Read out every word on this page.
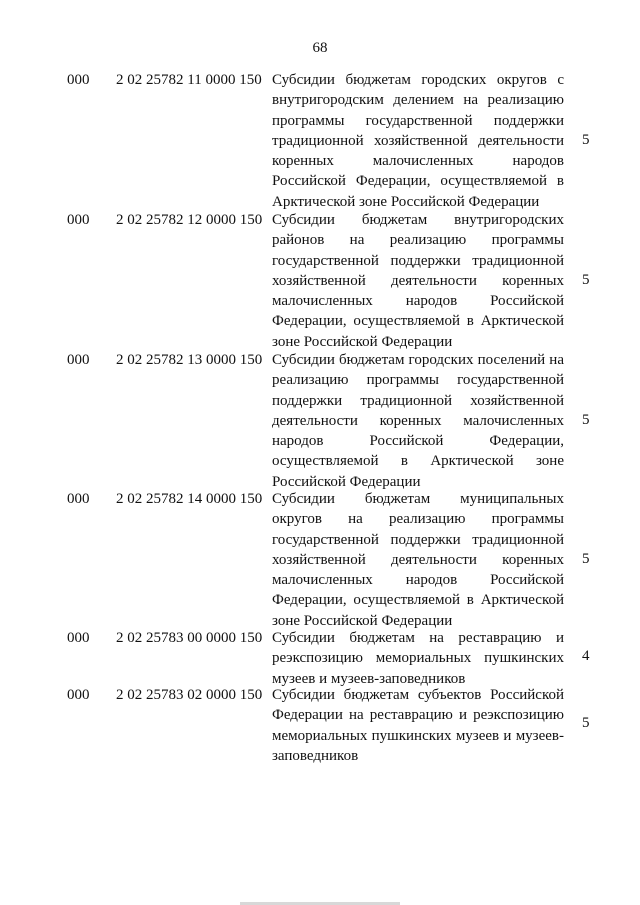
68
000	2 02 25782 11 0000 150 Субсидии бюджетам городских округов с внутригородским делением на реализацию программы государственной поддержки традиционной хозяйственной деятельности коренных малочисленных народов Российской Федерации, осуществляемой в Арктической зоне Российской Федерации
5
000	2 02 25782 12 0000 150 Субсидии бюджетам внутригородских районов на реализацию программы государственной поддержки традиционной хозяйственной деятельности коренных малочисленных народов Российской Федерации, осуществляемой в Арктической зоне Российской Федерации
5
000	2 02 25782 13 0000 150 Субсидии бюджетам городских поселений на реализацию программы государственной поддержки традиционной хозяйственной деятельности коренных малочисленных народов Российской Федерации, осуществляемой в Арктической зоне Российской Федерации
5
000	2 02 25782 14 0000 150 Субсидии бюджетам муниципальных округов на реализацию программы государственной поддержки традиционной хозяйственной деятельности коренных малочисленных народов Российской Федерации, осуществляемой в Арктической зоне Российской Федерации
5
000	2 02 25783 00 0000 150 Субсидии бюджетам на реставрацию и реэкспозицию мемориальных пушкинских музеев и музеев-заповедников
4
000	2 02 25783 02 0000 150 Субсидии бюджетам субъектов Российской Федерации на реставрацию и реэкспозицию мемориальных пушкинских музеев и музеев-заповедников
5
